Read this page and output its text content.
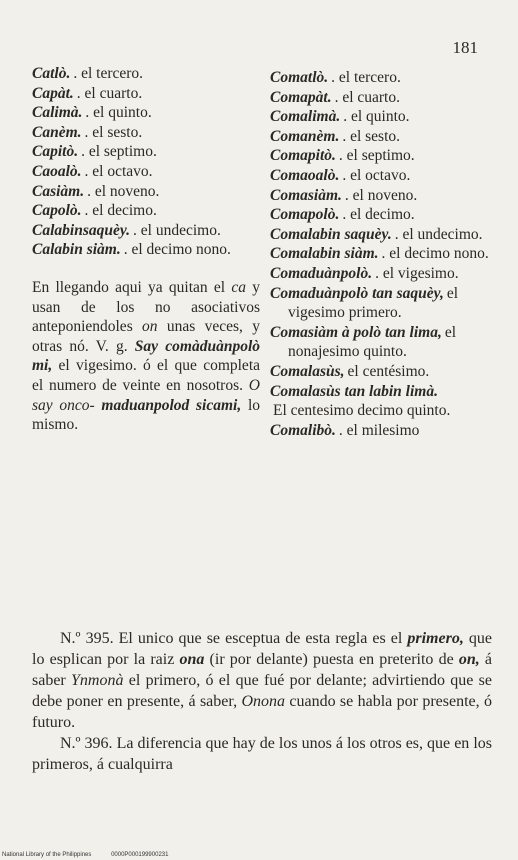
181
Catlò. . el tercero.
Capàt. . el cuarto.
Calimà. . el quinto.
Canèm. . el sesto.
Capitò. . el septimo.
Caoalò. . el octavo.
Casiàm. . el noveno.
Capolò. . el decimo.
Calabinsaquèy. . el undecimo.
Calabin siàm. . el decimo nono.
En llegando aqui ya quitan el ca y usan de los no asociativos anteponiendoles on unas veces, y otras nó. V. g. Say comàduànpolò mi, el vigesimo. ó el que completa el numero de veinte en nosotros. O say onco- maduanpolod sicami, lo mismo.
Comatlò. . el tercero.
Comapàt. . el cuarto.
Comalimà. . el quinto.
Comanèm. . el sesto.
Comapitò. . el septimo.
Comaoalò. . el octavo.
Comasiàm. . el noveno.
Comapolò. . el decimo.
Comalabin saquèy. . el undecimo.
Comalabin siàm. . el decimo nono.
Comaduànpolò. . el vigesimo.
Comaduànpolò tan saquèy, el vigesimo primero.
Comasiàm à polò tan lima, el nonajesimo quinto.
Comalasùs, el centésimo.
Comalasùs tan labin limà.
El centesimo decimo quinto.
Comalibò. . el milesimo

N.º 395. El unico que se esceptua de esta regla es el primero, que lo esplican por la raiz ona (ir por delante) puesta en preterito de on, á saber Ynmonà el primero, ó el que fué por delante; advirtiendo que se debe poner en presente, á saber, Onona cuando se habla por presente, ó futuro.

N.º 396. La diferencia que hay de los unos á los otros es, que en los primeros, á cualquirra

National Library of the Philippines	0000P000199900231
